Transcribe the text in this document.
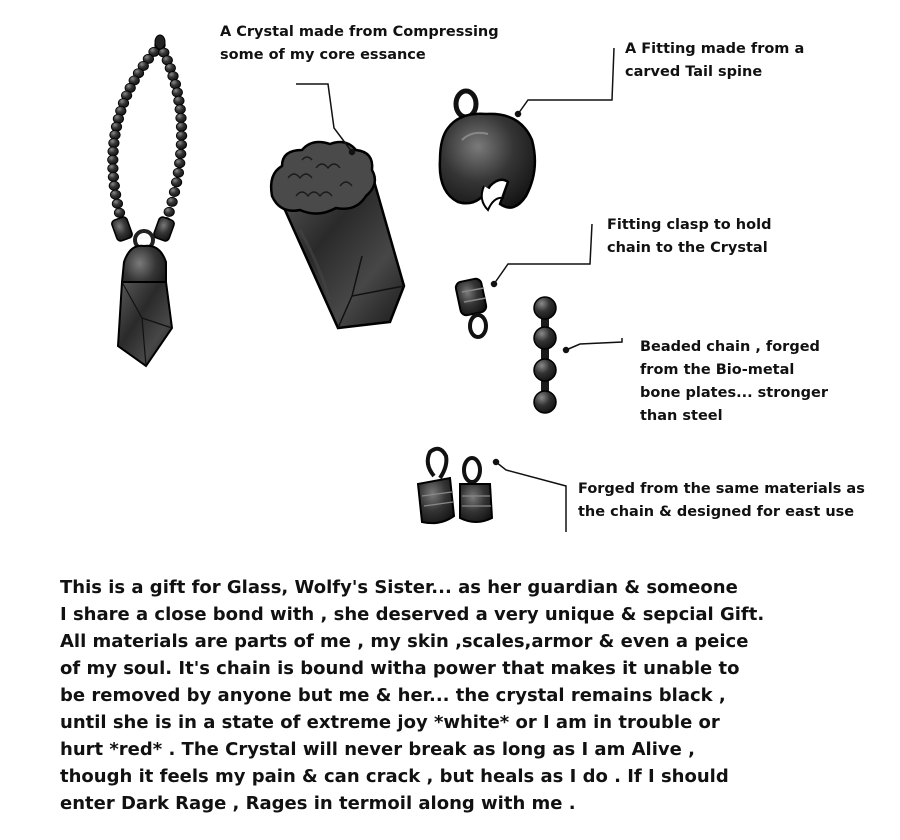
A Crystal made from Compressing
some of my core essance	A Fitting made from a
carved Tail spine
Fitting clasp to hold
chain to the Crystal
Beaded chain , forged
from the Bio-metal
bone plates... stronger
than steel
Forged from the same materials as
the chain & designed for east use
This is a gift for Glass, Wolfy's Sister... as her guardian & someone
I share a close bond with , she deserved a very unique & sepcial Gift.
All materials are parts of me , my skin ,scales,armor & even a peice
of my soul. It's chain is bound witha power that makes it unable to
be removed by anyone but me & her... the crystal remains black ,
until she is in a state of extreme joy *white* or I am in trouble or
hurt *red* . The Crystal will never break as long as I am Alive ,
though it feels my pain & can crack , but heals as I do . If I should
enter Dark Rage , Rages in termoil along with me .
